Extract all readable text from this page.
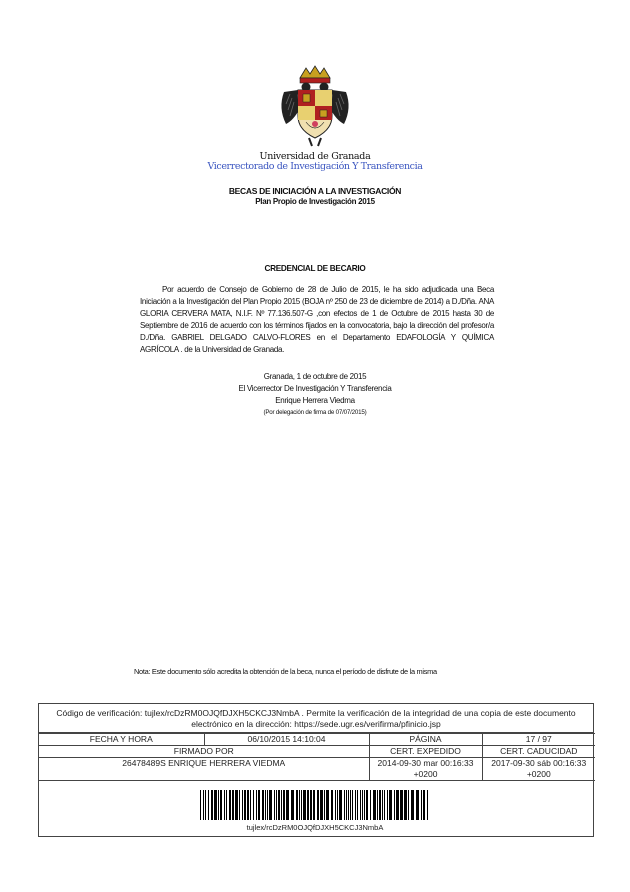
Universidad de Granada
Vicerrectorado de Investigación Y Transferencia
BECAS DE INICIACIÓN A LA INVESTIGACIÓN
Plan Propio de Investigación 2015
CREDENCIAL DE BECARIO
Por acuerdo de Consejo de Gobierno de 28 de Julio de 2015, le ha sido adjudicada una Beca Iniciación a la Investigación del Plan Propio 2015 (BOJA nº 250 de 23 de diciembre de 2014) a D./Dña. ANA GLORIA CERVERA MATA, N.I.F. Nº 77.136.507-G ,con efectos de 1 de Octubre de 2015 hasta 30 de Septiembre de 2016 de acuerdo con los términos fijados en la convocatoria, bajo la dirección del profesor/a D./Dña. GABRIEL DELGADO CALVO-FLORES en el Departamento EDAFOLOGÍA Y QUÍMICA AGRÍCOLA . de la Universidad de Granada.
Granada, 1 de octubre de 2015
El Vicerrector De Investigación Y Transferencia
Enrique Herrera Viedma
(Por delegación de firma de 07/07/2015)
Nota: Este documento sólo acredita la obtención de la beca, nunca el período de disfrute de la misma
Código de verificación: tujlex/rcDzRM0OJQfDJXH5CKCJ3NmbA . Permite la verificación de la integridad de una copia de este documento electrónico en la dirección: https://sede.ugr.es/verifirma/pfinicio.jsp
FECHA Y HORA	06/10/2015 14:10:04	PÁGINA	17 / 97
FIRMADO POR		CERT. EXPEDIDO	CERT. CADUCIDAD
26478489S ENRIQUE HERRERA VIEDMA		2014-09-30 mar 00:16:33 +0200	2017-09-30 sáb 00:16:33 +0200
tujlex/rcDzRM0OJQfDJXH5CKCJ3NmbA
